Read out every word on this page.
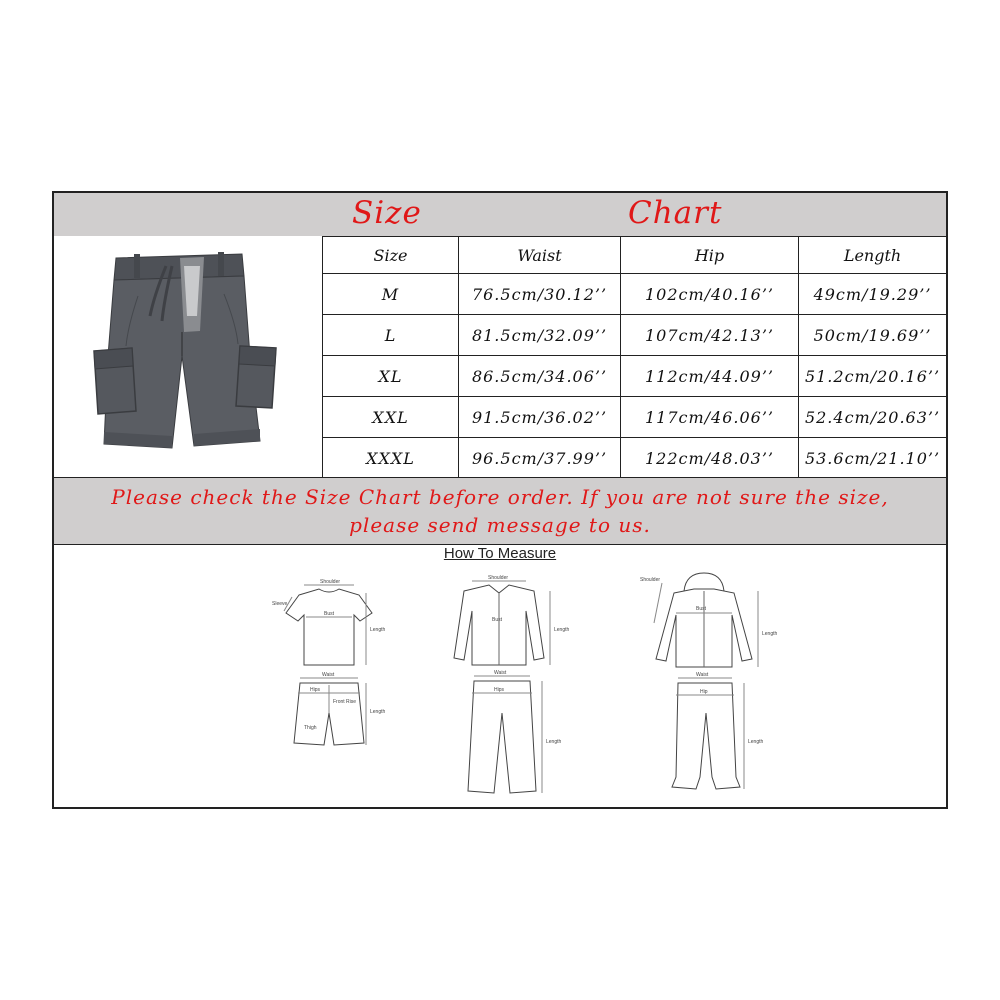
Size	Chart
Size	Waist	Hip	Length
M	76.5cm/30.12’’	102cm/40.16’’	49cm/19.29’’
L	81.5cm/32.09’’	107cm/42.13’’	50cm/19.69’’
XL	86.5cm/34.06’’	112cm/44.09’’	51.2cm/20.16’’
XXL	91.5cm/36.02’’	117cm/46.06’’	52.4cm/20.63’’
XXXL	96.5cm/37.99’’	122cm/48.03’’	53.6cm/21.10’’
Please check the Size Chart before order. If you are not sure the size,
please send message to us.
How To Measure
Shoulder
Bust
Sleeve
Length
Waist
Hips
Front Rise
Thigh
Length
Shoulder
Bust
Length
Waist
Hips
Length
Shoulder
Bust
Length
Waist
Hip
Length
